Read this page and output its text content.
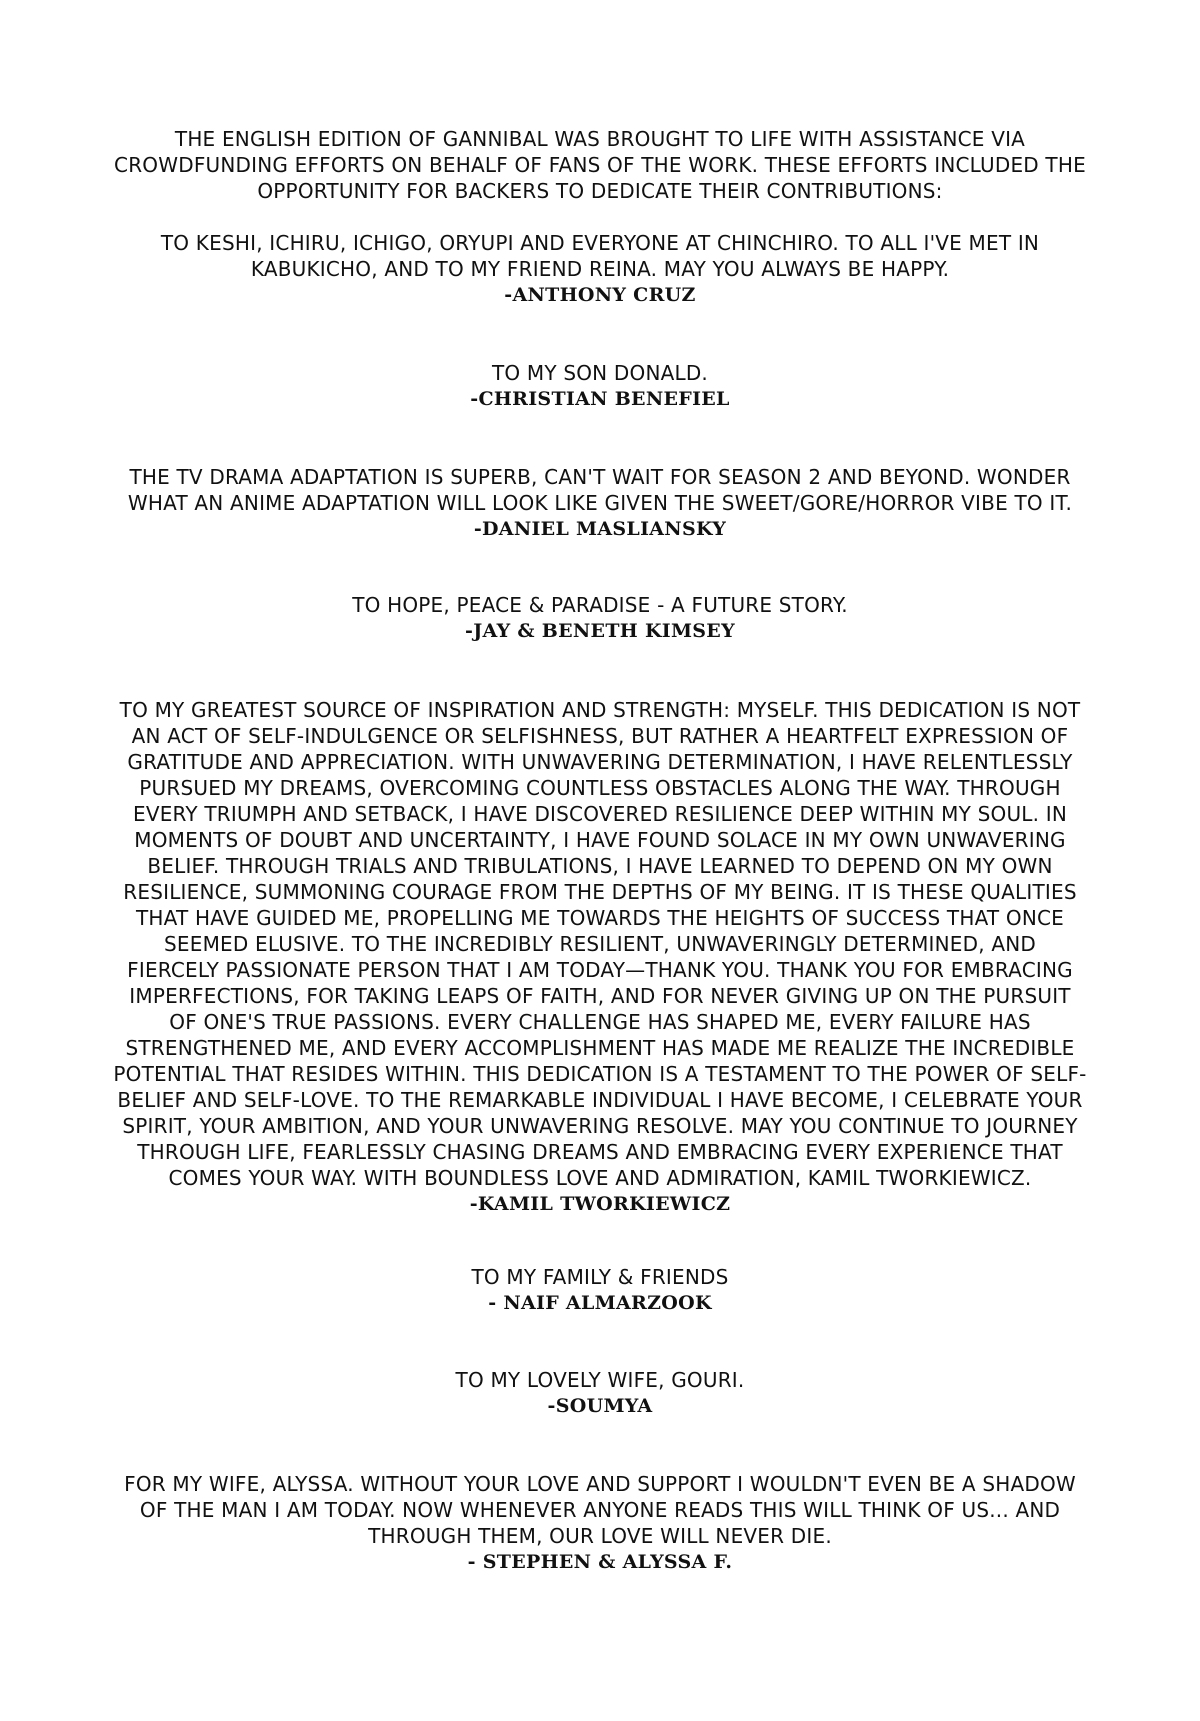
THE ENGLISH EDITION OF GANNIBAL WAS BROUGHT TO LIFE WITH ASSISTANCE VIA
CROWDFUNDING EFFORTS ON BEHALF OF FANS OF THE WORK. THESE EFFORTS INCLUDED THE
OPPORTUNITY FOR BACKERS TO DEDICATE THEIR CONTRIBUTIONS:
TO KESHI, ICHIRU, ICHIGO, ORYUPI AND EVERYONE AT CHINCHIRO. TO ALL I'VE MET IN
KABUKICHO, AND TO MY FRIEND REINA. MAY YOU ALWAYS BE HAPPY.
-ANTHONY CRUZ
TO MY SON DONALD.
-CHRISTIAN BENEFIEL
THE TV DRAMA ADAPTATION IS SUPERB, CAN'T WAIT FOR SEASON 2 AND BEYOND. WONDER
WHAT AN ANIME ADAPTATION WILL LOOK LIKE GIVEN THE SWEET/GORE/HORROR VIBE TO IT.
-DANIEL MASLIANSKY
TO HOPE, PEACE & PARADISE - A FUTURE STORY.
-JAY & BENETH KIMSEY
TO MY GREATEST SOURCE OF INSPIRATION AND STRENGTH: MYSELF. THIS DEDICATION IS NOT
AN ACT OF SELF-INDULGENCE OR SELFISHNESS, BUT RATHER A HEARTFELT EXPRESSION OF
GRATITUDE AND APPRECIATION. WITH UNWAVERING DETERMINATION, I HAVE RELENTLESSLY
PURSUED MY DREAMS, OVERCOMING COUNTLESS OBSTACLES ALONG THE WAY. THROUGH
EVERY TRIUMPH AND SETBACK, I HAVE DISCOVERED RESILIENCE DEEP WITHIN MY SOUL. IN
MOMENTS OF DOUBT AND UNCERTAINTY, I HAVE FOUND SOLACE IN MY OWN UNWAVERING
BELIEF. THROUGH TRIALS AND TRIBULATIONS, I HAVE LEARNED TO DEPEND ON MY OWN
RESILIENCE, SUMMONING COURAGE FROM THE DEPTHS OF MY BEING. IT IS THESE QUALITIES
THAT HAVE GUIDED ME, PROPELLING ME TOWARDS THE HEIGHTS OF SUCCESS THAT ONCE
SEEMED ELUSIVE. TO THE INCREDIBLY RESILIENT, UNWAVERINGLY DETERMINED, AND
FIERCELY PASSIONATE PERSON THAT I AM TODAY—THANK YOU. THANK YOU FOR EMBRACING
IMPERFECTIONS, FOR TAKING LEAPS OF FAITH, AND FOR NEVER GIVING UP ON THE PURSUIT
OF ONE'S TRUE PASSIONS. EVERY CHALLENGE HAS SHAPED ME, EVERY FAILURE HAS
STRENGTHENED ME, AND EVERY ACCOMPLISHMENT HAS MADE ME REALIZE THE INCREDIBLE
POTENTIAL THAT RESIDES WITHIN. THIS DEDICATION IS A TESTAMENT TO THE POWER OF SELF-
BELIEF AND SELF-LOVE. TO THE REMARKABLE INDIVIDUAL I HAVE BECOME, I CELEBRATE YOUR
SPIRIT, YOUR AMBITION, AND YOUR UNWAVERING RESOLVE. MAY YOU CONTINUE TO JOURNEY
THROUGH LIFE, FEARLESSLY CHASING DREAMS AND EMBRACING EVERY EXPERIENCE THAT
COMES YOUR WAY. WITH BOUNDLESS LOVE AND ADMIRATION, KAMIL TWORKIEWICZ.
-KAMIL TWORKIEWICZ
TO MY FAMILY & FRIENDS
- NAIF ALMARZOOK
TO MY LOVELY WIFE, GOURI.
-SOUMYA
FOR MY WIFE, ALYSSA. WITHOUT YOUR LOVE AND SUPPORT I WOULDN'T EVEN BE A SHADOW
OF THE MAN I AM TODAY. NOW WHENEVER ANYONE READS THIS WILL THINK OF US... AND
THROUGH THEM, OUR LOVE WILL NEVER DIE.
- STEPHEN & ALYSSA F.
